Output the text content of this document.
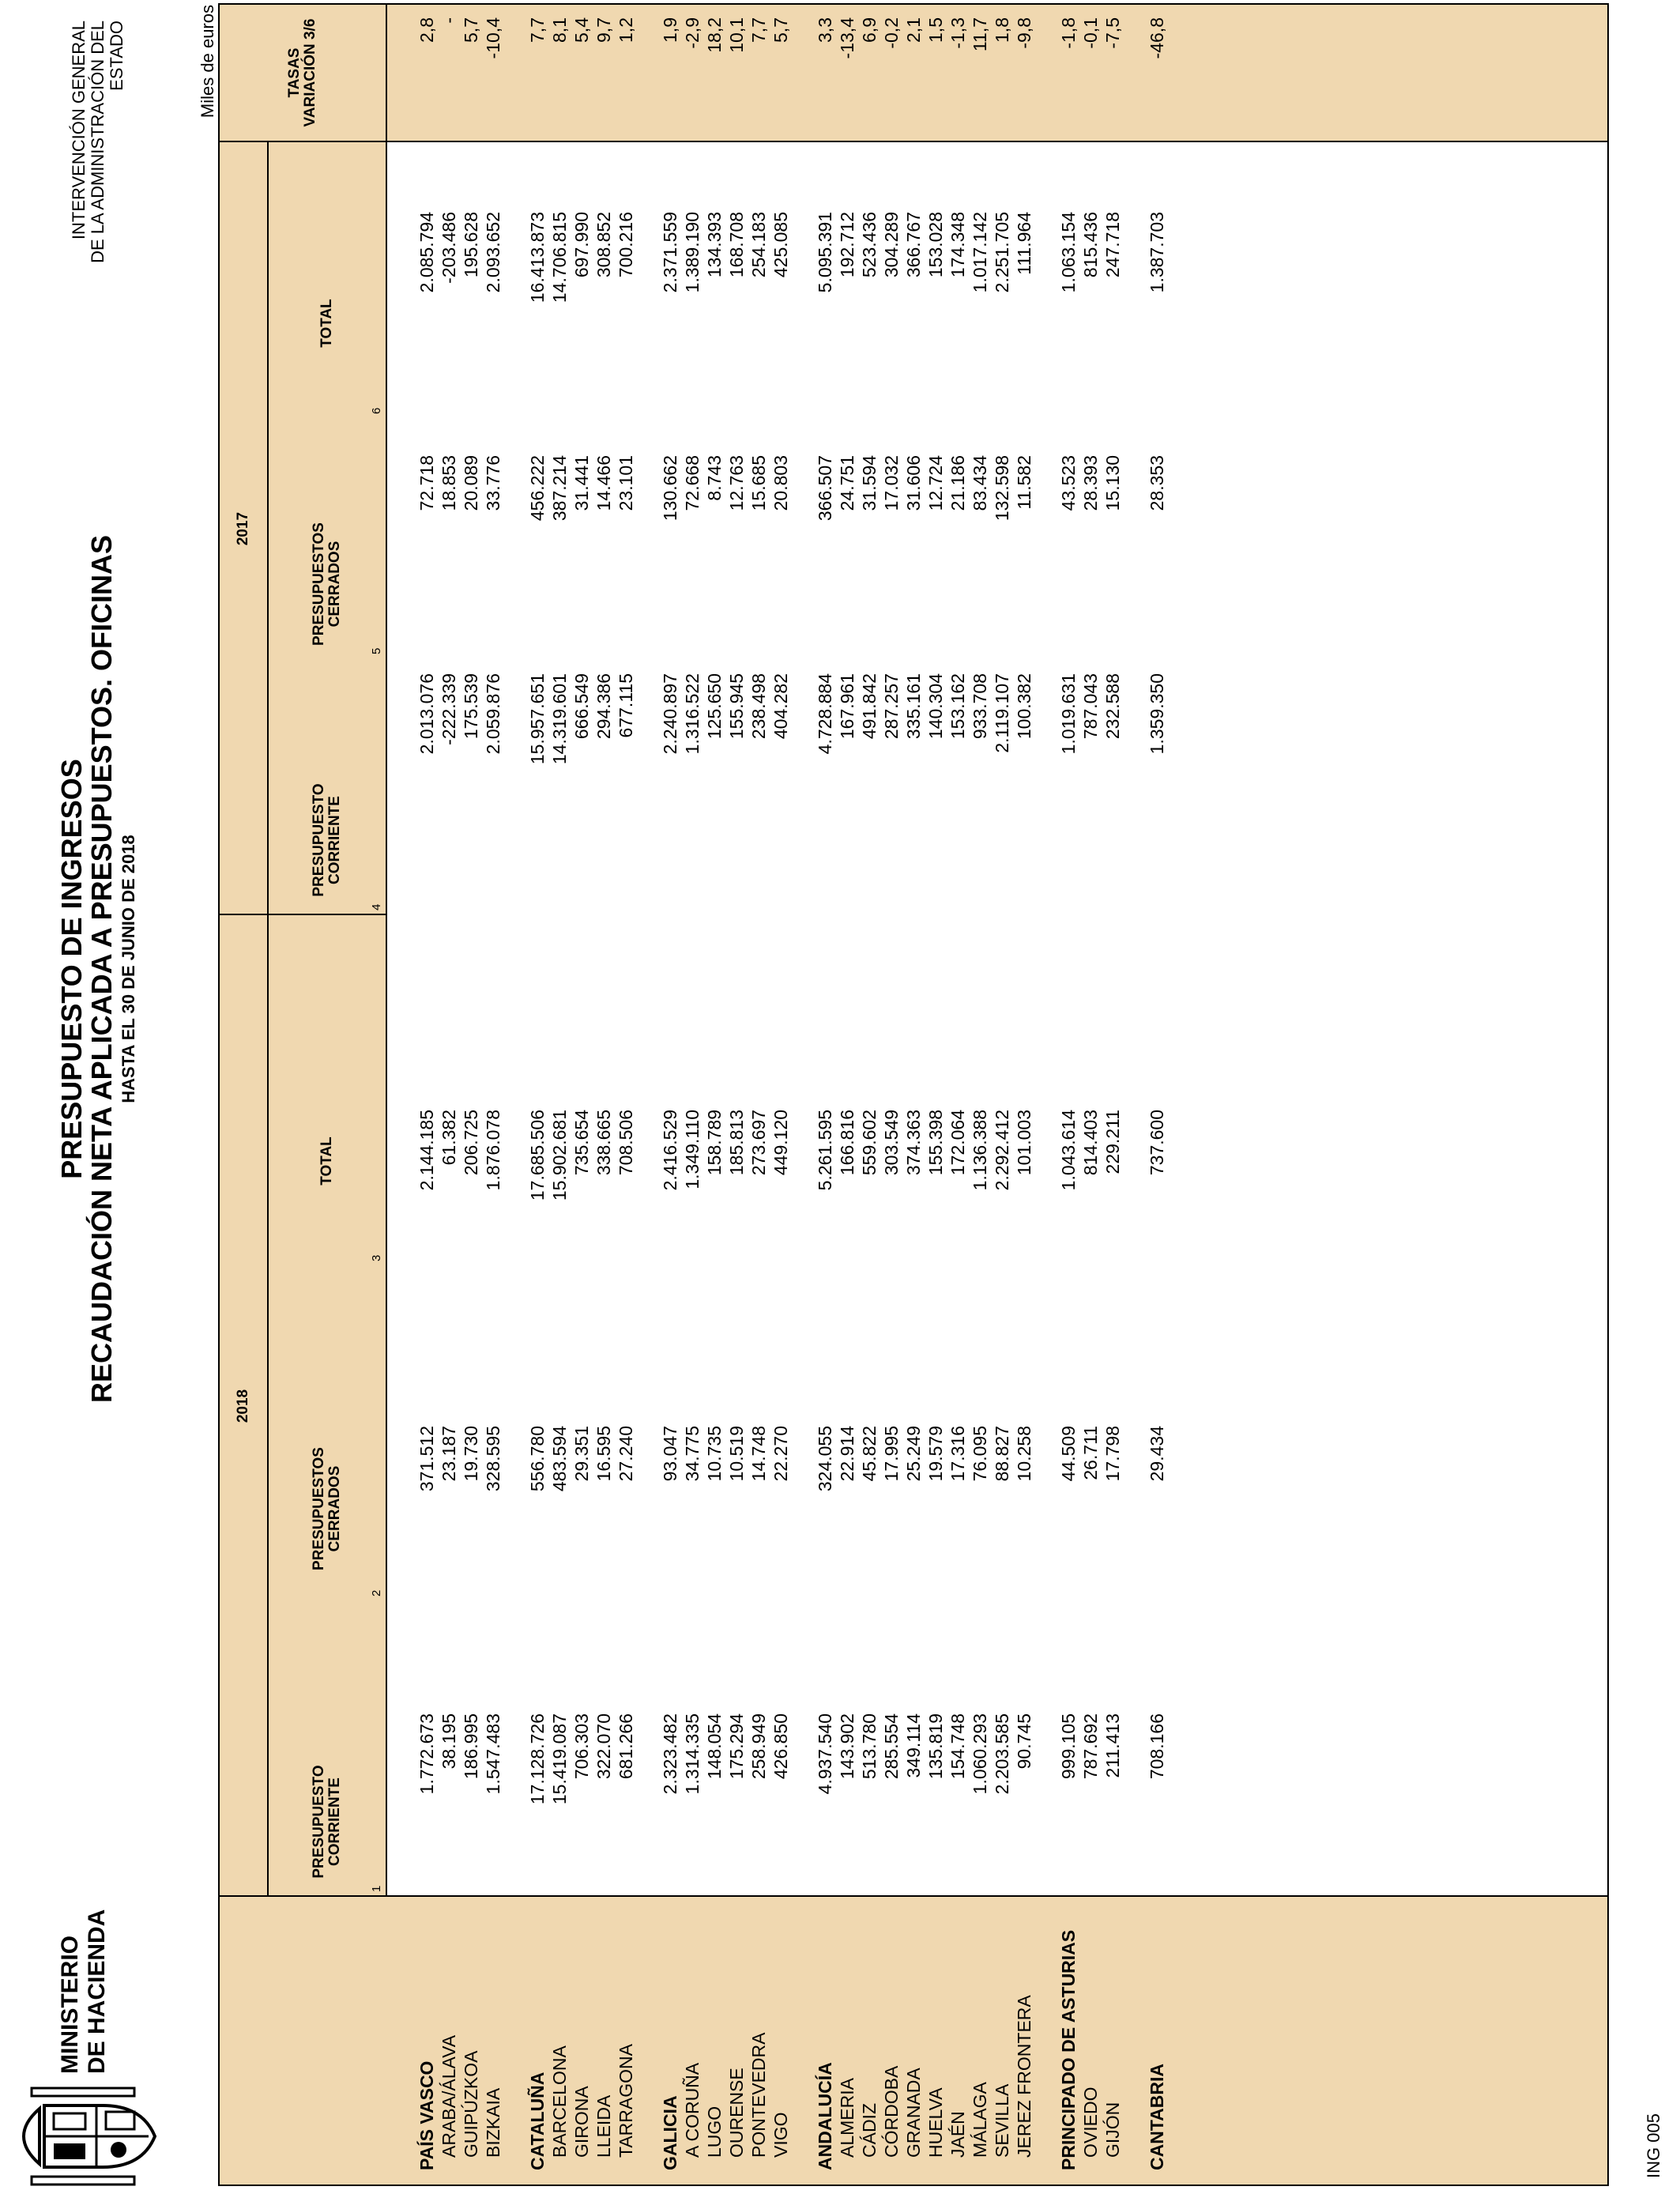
MINISTERIO DE HACIENDA
PRESUPUESTO DE INGRESOS
RECAUDACIÓN NETA APLICADA A PRESUPUESTOS. OFICINAS HASTA EL 30 DE JUNIO DE 2018
INTERVENCIÓN GENERAL DE LA ADMINISTRACIÓN DEL ESTADO	Miles de euros
ING 005
2018
2017
PRESUPUESTO CORRIENTE
PRESUPUESTOS CERRADOS
TOTAL
PRESUPUESTO CORRIENTE
PRESUPUESTOS CERRADOS
TOTAL
TASAS VARIACIÓN 3/6
1
2
3
4
5
6
PAÍS VASCO
1.772.673
371.512
2.144.185
2.013.076
72.718
2.085.794
2,8
ARABA/ÁLAVA
38.195
23.187
61.382
-222.339
18.853
-203.486
-
GUIPÚZKOA
186.995
19.730
206.725
175.539
20.089
195.628
5,7
BIZKAIA
1.547.483
328.595
1.876.078
2.059.876
33.776
2.093.652
-10,4
CATALUÑA
17.128.726
556.780
17.685.506
15.957.651
456.222
16.413.873
7,7
BARCELONA
15.419.087
483.594
15.902.681
14.319.601
387.214
14.706.815
8,1
GIRONA
706.303
29.351
735.654
666.549
31.441
697.990
5,4
LLEIDA
322.070
16.595
338.665
294.386
14.466
308.852
9,7
TARRAGONA
681.266
27.240
708.506
677.115
23.101
700.216
1,2
GALICIA
2.323.482
93.047
2.416.529
2.240.897
130.662
2.371.559
1,9
A CORUÑA
1.314.335
34.775
1.349.110
1.316.522
72.668
1.389.190
-2,9
LUGO
148.054
10.735
158.789
125.650
8.743
134.393
18,2
OURENSE
175.294
10.519
185.813
155.945
12.763
168.708
10,1
PONTEVEDRA
258.949
14.748
273.697
238.498
15.685
254.183
7,7
VIGO
426.850
22.270
449.120
404.282
20.803
425.085
5,7
ANDALUCÍA
4.937.540
324.055
5.261.595
4.728.884
366.507
5.095.391
3,3
ALMERIA
143.902
22.914
166.816
167.961
24.751
192.712
-13,4
CÁDIZ
513.780
45.822
559.602
491.842
31.594
523.436
6,9
CÓRDOBA
285.554
17.995
303.549
287.257
17.032
304.289
-0,2
GRANADA
349.114
25.249
374.363
335.161
31.606
366.767
2,1
HUELVA
135.819
19.579
155.398
140.304
12.724
153.028
1,5
JAÉN
154.748
17.316
172.064
153.162
21.186
174.348
-1,3
MÁLAGA
1.060.293
76.095
1.136.388
933.708
83.434
1.017.142
11,7
SEVILLA
2.203.585
88.827
2.292.412
2.119.107
132.598
2.251.705
1,8
JEREZ FRONTERA
90.745
10.258
101.003
100.382
11.582
111.964
-9,8
PRINCIPADO DE ASTURIAS
999.105
44.509
1.043.614
1.019.631
43.523
1.063.154
-1,8
OVIEDO
787.692
26.711
814.403
787.043
28.393
815.436
-0,1
GIJÓN
211.413
17.798
229.211
232.588
15.130
247.718
-7,5
CANTABRIA
708.166
29.434
737.600
1.359.350
28.353
1.387.703
-46,8
